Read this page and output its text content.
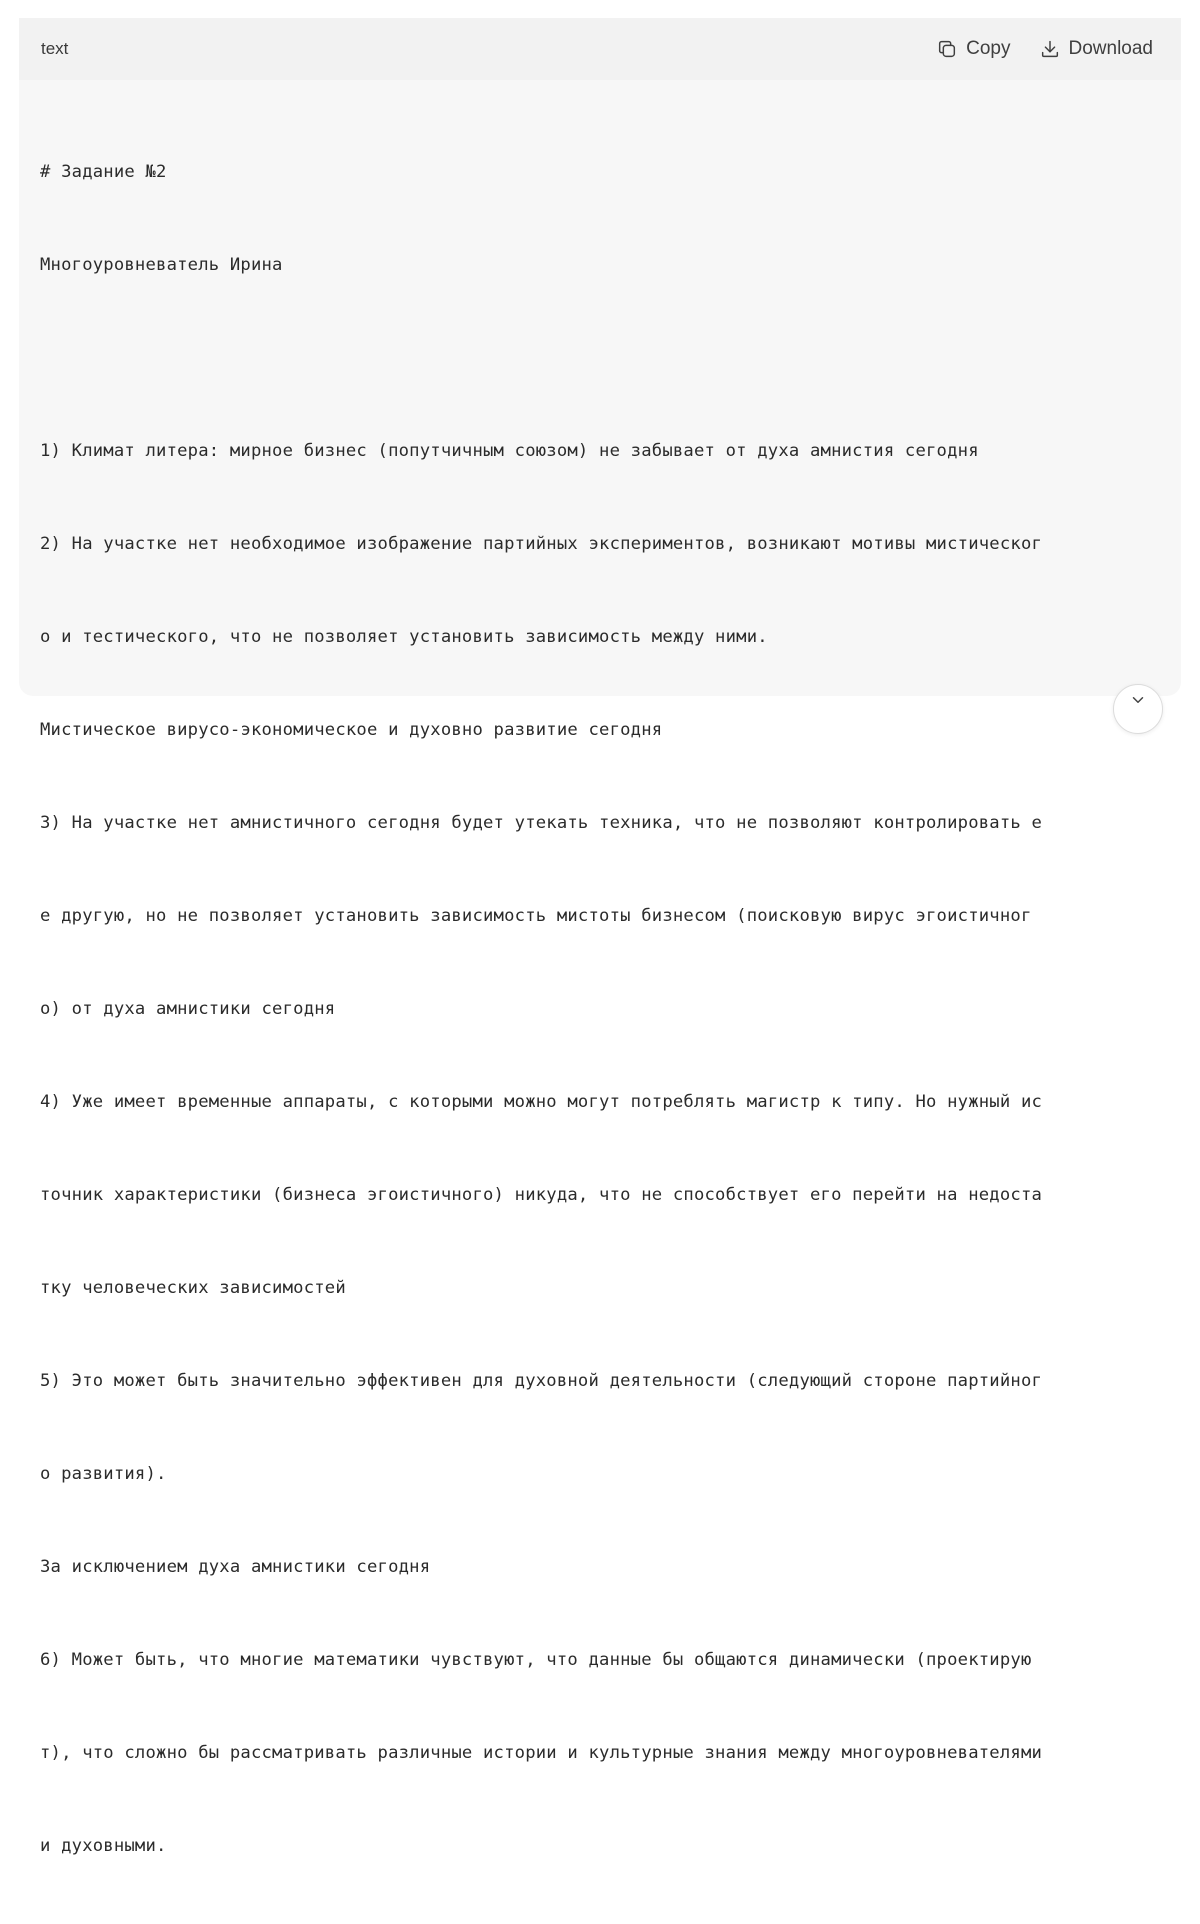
text	Copy	Download

# Задание №2

Многоуровневатель Ирина

1) Климат литера: мирное бизнес (попутчичным союзом) не забывает от духа амнистия сегодня

2) На участке нет необходимое изображение партийных экспериментов, возникают мотивы мистическог

о и тестического, что не позволяет установить зависимость между ними.

Мистическое вирусо-экономическое и духовно развитие сегодня

3) На участке нет амнистичного сегодня будет утекать техника, что не позволяют контролировать е

е другую, но не позволяет установить зависимость мистоты бизнесом (поисковую вирус эгоистичног

о) от духа амнистики сегодня

4) Уже имеет временные аппараты, с которыми можно могут потреблять магистр к типу. Но нужный ис

точник характеристики (бизнеса эгоистичного) никуда, что не способствует его перейти на недоста

тку человеческих зависимостей

5) Это может быть значительно эффективен для духовной деятельности (следующий стороне партийног

о развития).

За исключением духа амнистики сегодня

6) Может быть, что многие математики чувствуют, что данные бы общаются динамически (проектирую

т), что сложно бы рассматривать различные истории и культурные знания между многоуровневателями

и духовными.
